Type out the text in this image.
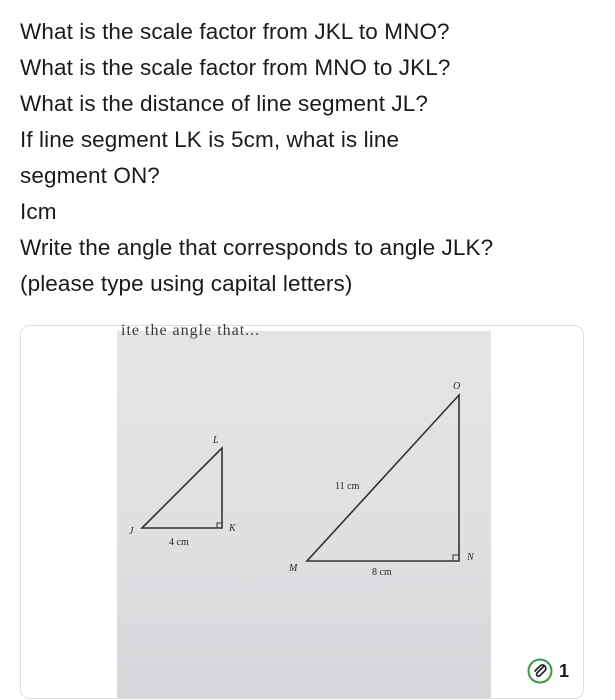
What is the scale factor from JKL to MNO?

What is the scale factor from MNO to JKL?

What is the distance of line segment JL?

If line segment LK is 5cm, what is line

segment ON?

Icm

Write the angle that corresponds to angle JLK?

(please type using capital letters)

ite the angle that...
J	K
L
4 cm
M
N
O
11 cm
8 cm
1
